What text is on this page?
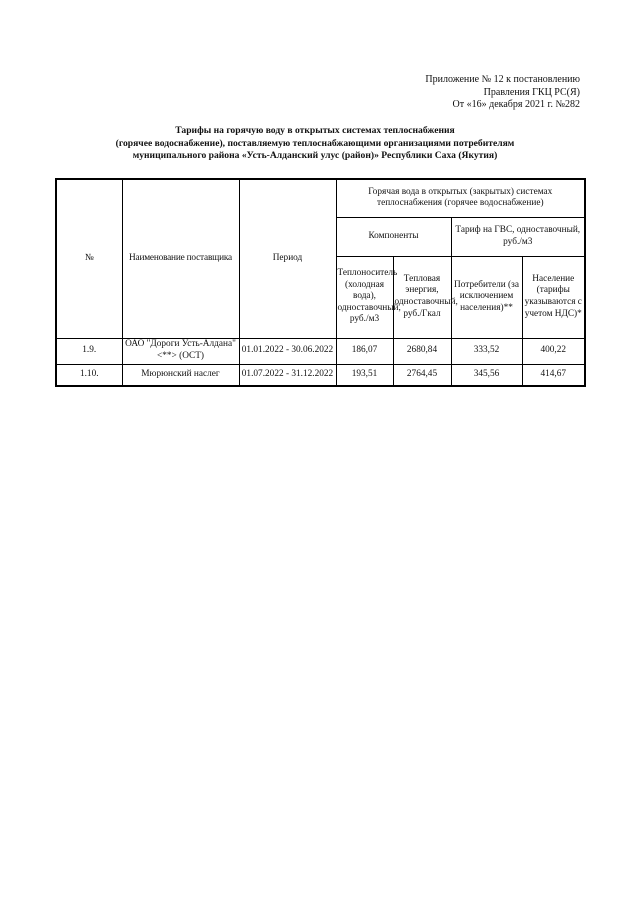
Приложение № 12 к постановлению
Правления ГКЦ РС(Я)
От «16» декабря 2021 г. №282
Тарифы на горячую воду в открытых системах теплоснабжения
(горячее водоснабжение), поставляемую теплоснабжающими организациями потребителям
муниципального района «Усть-Алданский улус (район)» Республики Саха (Якутия)
№	Наименование поставщика	Период	Горячая вода в открытых (закрытых) системах теплоснабжения (горячее водоснабжение)			
			Компоненты		Тариф на ГВС, одноставочный, руб./м3	
			Теплоноситель (холодная вода), одноставочный, руб./м3	Тепловая энергия, одноставочный, руб./Гкал	Потребители (за исключением населения)**	Население (тарифы указываются с учетом НДС)*
1.9.	ОАО "Дороги Усть-Алдана" <**> (ОСТ)	01.01.2022 - 30.06.2022	186,07	2680,84	333,52	400,22
1.10.	Мюрюнский наслег	01.07.2022 - 31.12.2022	193,51	2764,45	345,56	414,67
